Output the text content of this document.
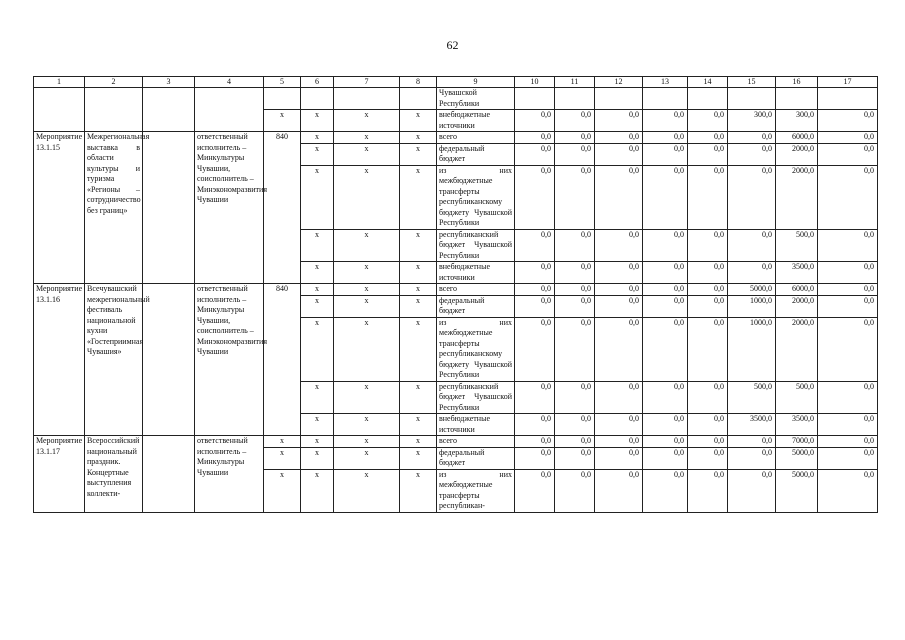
62
1	2	3	4	5	6	7	8	9	10	11	12	13	14	15	16	17
								Чувашской Республики								
				x	x	x	x	внебюджетные источники	0,0	0,0	0,0	0,0	0,0	300,0	300,0	0,0
Мероприятие 13.1.15	Межрегиональная выставка в области культуры и туризма «Регионы – сотрудничество без границ»		ответственный исполнитель – Минкультуры Чувашии, соисполнитель – Минэкономразвития Чувашии	840	x	x	x	всего	0,0	0,0	0,0	0,0	0,0	0,0	6000,0	0,0
					x	x	x	федеральный бюджет	0,0	0,0	0,0	0,0	0,0	0,0	2000,0	0,0
					x	x	x	из них межбюджетные трансферты республиканскому бюджету Чувашской Республики	0,0	0,0	0,0	0,0	0,0	0,0	2000,0	0,0
					x	x	x	республиканский бюджет Чувашской Республики	0,0	0,0	0,0	0,0	0,0	0,0	500,0	0,0
					x	x	x	внебюджетные источники	0,0	0,0	0,0	0,0	0,0	0,0	3500,0	0,0
Мероприятие 13.1.16	Всечувашский межрегиональный фестиваль национальной кухни «Гостеприимная Чувашия»		ответственный исполнитель – Минкультуры Чувашии, соисполнитель – Минэкономразвития Чувашии	840	x	x	x	всего	0,0	0,0	0,0	0,0	0,0	5000,0	6000,0	0,0
					x	x	x	федеральный бюджет	0,0	0,0	0,0	0,0	0,0	1000,0	2000,0	0,0
					x	x	x	из них межбюджетные трансферты республиканскому бюджету Чувашской Республики	0,0	0,0	0,0	0,0	0,0	1000,0	2000,0	0,0
					x	x	x	республиканский бюджет Чувашской Республики	0,0	0,0	0,0	0,0	0,0	500,0	500,0	0,0
					x	x	x	внебюджетные источники	0,0	0,0	0,0	0,0	0,0	3500,0	3500,0	0,0
Мероприятие 13.1.17	Всероссийский национальный праздник. Концертные выступления коллекти-		ответственный исполнитель – Минкультуры Чувашии	x	x	x	x	всего	0,0	0,0	0,0	0,0	0,0	0,0	7000,0	0,0
				x	x	x	x	федеральный бюджет	0,0	0,0	0,0	0,0	0,0	0,0	5000,0	0,0
				x	x	x	x	из них межбюджетные трансферты республикан-	0,0	0,0	0,0	0,0	0,0	0,0	5000,0	0,0
